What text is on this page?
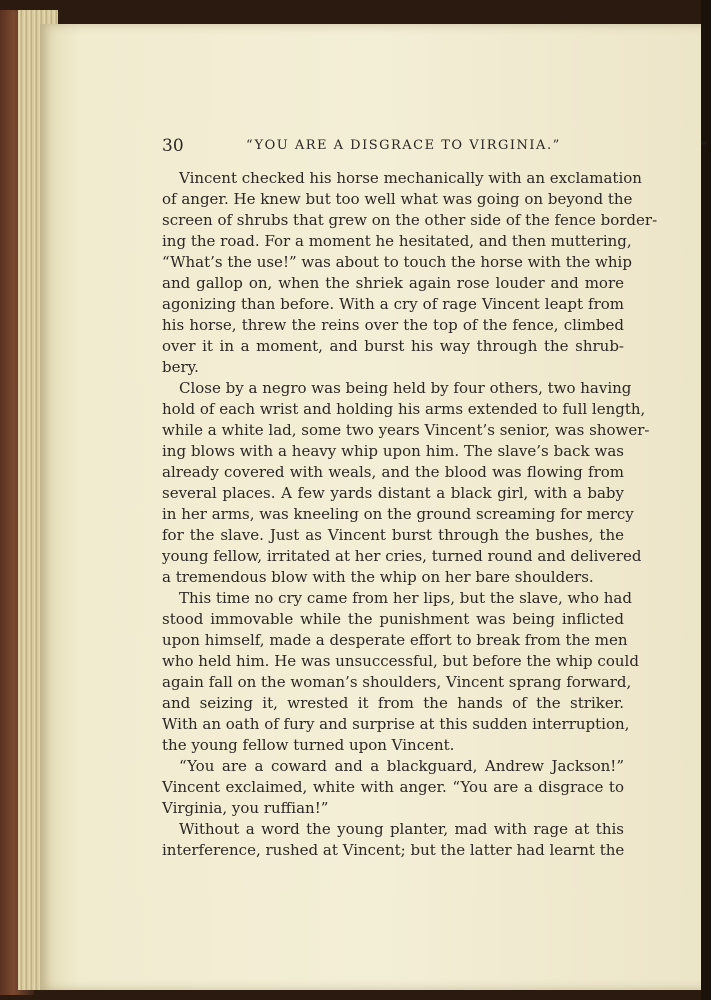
30	“YOU ARE A DISGRACE TO VIRGINIA.”	”
Vincent checked his horse mechanically with an exclamation
of anger. He knew but too well what was going on beyond the
screen of shrubs that grew on the other side of the fence border-
ing the road. For a moment he hesitated, and then muttering,
“What’s the use!” was about to touch the horse with the whip
and gallop on, when the shriek again rose louder and more
agonizing than before. With a cry of rage Vincent leapt from
his horse, threw the reins over the top of the fence, climbed
over it in a moment, and burst his way through the shrub-
bery.
Close by a negro was being held by four others, two having
hold of each wrist and holding his arms extended to full length,
while a white lad, some two years Vincent’s senior, was shower-
ing blows with a heavy whip upon him. The slave’s back was
already covered with weals, and the blood was flowing from
several places. A few yards distant a black girl, with a baby
in her arms, was kneeling on the ground screaming for mercy
for the slave. Just as Vincent burst through the bushes, the
young fellow, irritated at her cries, turned round and delivered
a tremendous blow with the whip on her bare shoulders.
This time no cry came from her lips, but the slave, who had
stood immovable while the punishment was being inflicted
upon himself, made a desperate effort to break from the men
who held him. He was unsuccessful, but before the whip could
again fall on the woman’s shoulders, Vincent sprang forward,
and seizing it, wrested it from the hands of the striker.
With an oath of fury and surprise at this sudden interruption,
the young fellow turned upon Vincent.
“You are a coward and a blackguard, Andrew Jackson!”
Vincent exclaimed, white with anger. “You are a disgrace to
Virginia, you ruffian!”
Without a word the young planter, mad with rage at this
interference, rushed at Vincent; but the latter had learnt the
